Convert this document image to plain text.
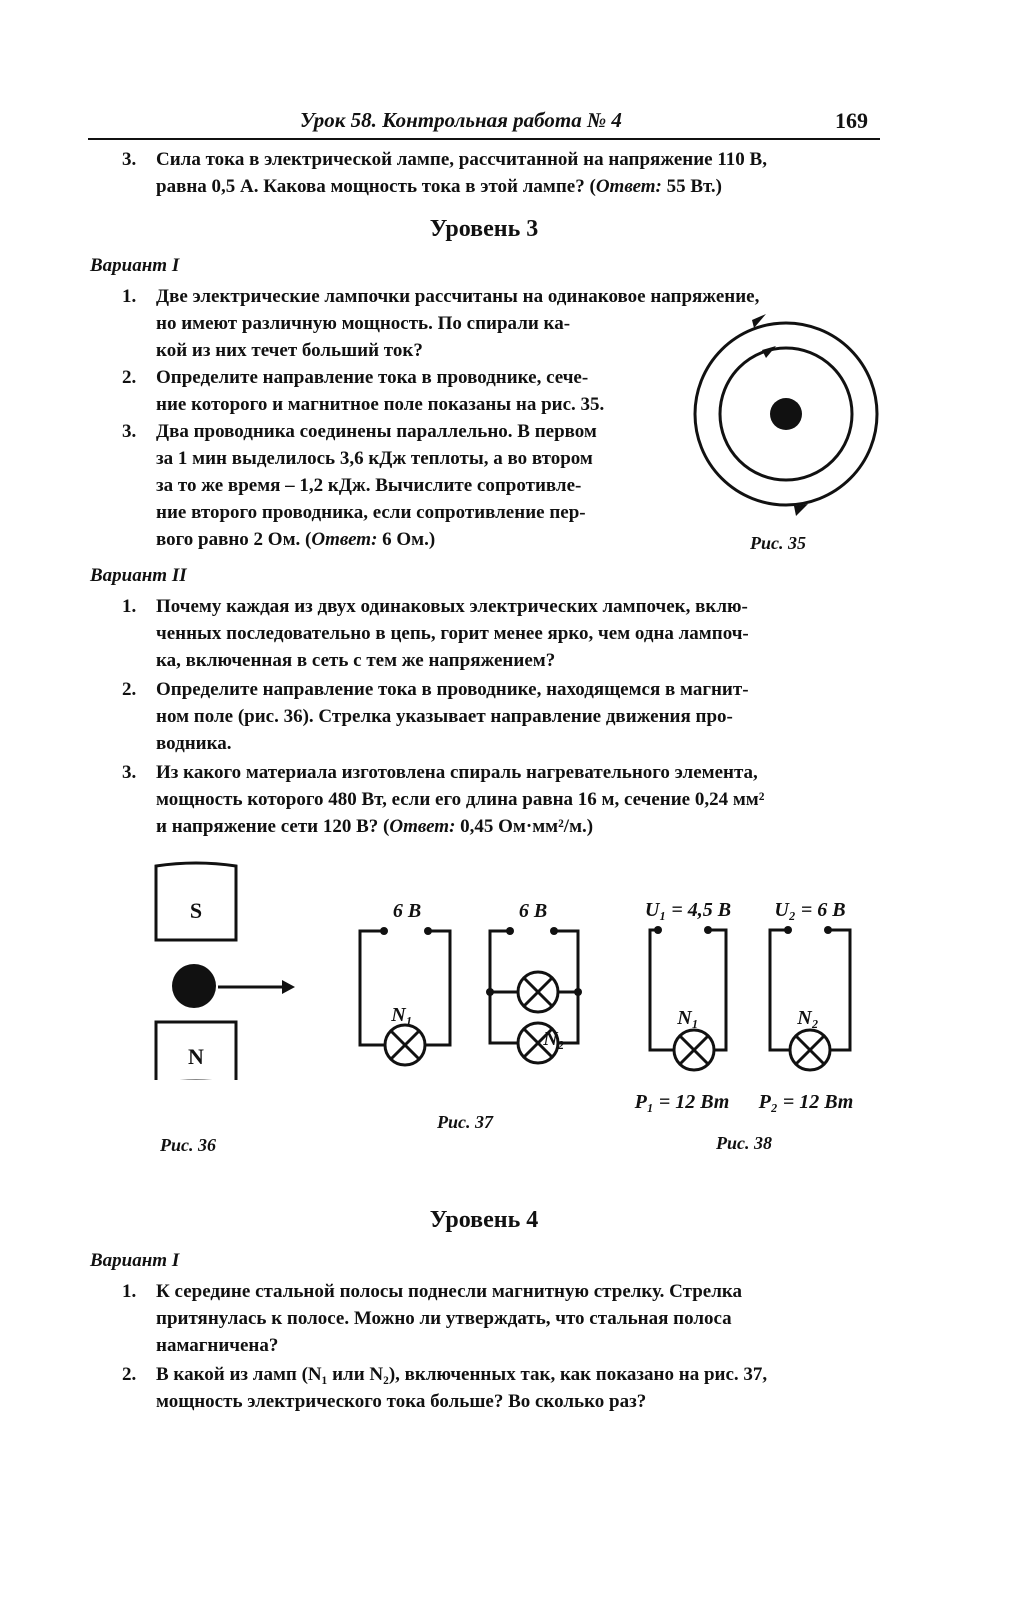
Урок 58. Контрольная работа № 4	169
3. Сила тока в электрической лампе, рассчитанной на напряжение 110 В,
равна 0,5 А. Какова мощность тока в этой лампе? (Ответ: 55 Вт.)
Уровень 3
Вариант I
1. Две электрические лампочки рассчитаны на одинаковое напряжение,
но имеют различную мощность. По спирали ка-
кой из них течет больший ток?
2. Определите направление тока в проводнике, сече-
ние которого и магнитное поле показаны на рис. 35.
3. Два проводника соединены параллельно. В первом
за 1 мин выделилось 3,6 кДж теплоты, а во втором
за то же время – 1,2 кДж. Вычислите сопротивле-
ние второго проводника, если сопротивление пер-
вого равно 2 Ом. (Ответ: 6 Ом.)	Рис. 35
Вариант II
1. Почему каждая из двух одинаковых электрических лампочек, вклю-
ченных последовательно в цепь, горит менее ярко, чем одна лампоч-
ка, включенная в сеть с тем же напряжением?
2. Определите направление тока в проводнике, находящемся в магнит-
ном поле (рис. 36). Стрелка указывает направление движения про-
водника.
3. Из какого материала изготовлена спираль нагревательного элемента,
мощность которого 480 Вт, если его длина равна 16 м, сечение 0,24 мм²
и напряжение сети 120 В? (Ответ: 0,45 Ом·мм²/м.)
S
N
Рис. 36
6 В	6 В
N₁
N₂
Рис. 37
U₁ = 4,5 В U₂ = 6 В
N₁	N₂
P₁ = 12 Вт P₂ = 12 Вт
Рис. 38
Уровень 4
Вариант I
1. К середине стальной полосы поднесли магнитную стрелку. Стрелка
притянулась к полосе. Можно ли утверждать, что стальная полоса
намагничена?
2. В какой из ламп (N₁ или N₂), включенных так, как показано на рис. 37,
мощность электрического тока больше? Во сколько раз?
